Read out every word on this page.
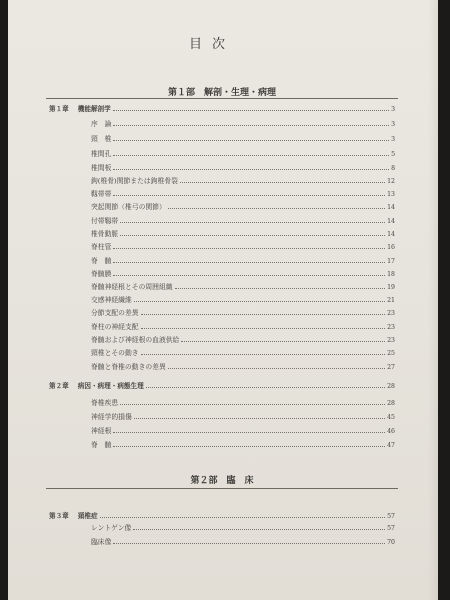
目次
第１部　解剖・生理・病理
第２部　臨　床
第１章 機能解剖学	3
序　論	3
頸　椎	3
椎間孔	5
椎間板	8
鉤(椎骨)関節または鉤椎骨裂	12
靱帯帯	13
突起関節（椎弓の関節）	14
付帯靱帯	14
椎骨動脈	14
脊柱管	16
脊　髄	17
脊髄膜	18
脊髄神経根とその周囲組織	19
交感神経繊維	21
分節支配の差異	23
脊柱の神経支配	23
脊髄および神経根の血液供給	23
頸椎とその動き	25
脊髄と脊椎の動きの差異	27
第２章 病因・病理・病態生理	28
脊椎疾患	28
神経学的損傷	45
神経根	46
脊　髄	47
第３章 頚椎症	57
レントゲン像	57
臨床像	70
